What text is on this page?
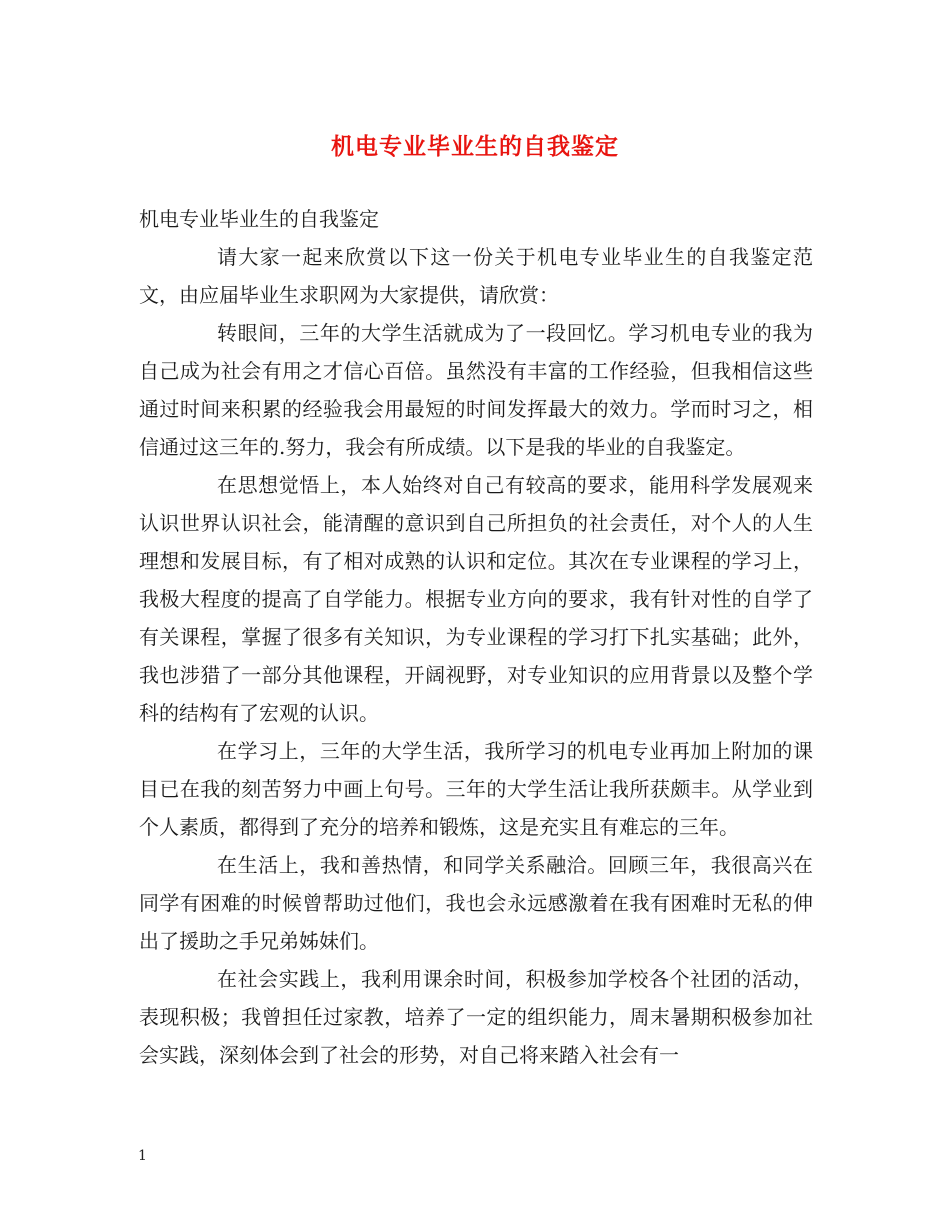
机电专业毕业生的自我鉴定

机电专业毕业生的自我鉴定

请大家一起来欣赏以下这一份关于机电专业毕业生的自我鉴定范文，由应届毕业生求职网为大家提供，请欣赏：

转眼间，三年的大学生活就成为了一段回忆。学习机电专业的我为自己成为社会有用之才信心百倍。虽然没有丰富的工作经验，但我相信这些通过时间来积累的经验我会用最短的时间发挥最大的效力。学而时习之，相信通过这三年的.努力，我会有所成绩。以下是我的毕业的自我鉴定。

在思想觉悟上，本人始终对自己有较高的要求，能用科学发展观来认识世界认识社会，能清醒的意识到自己所担负的社会责任，对个人的人生理想和发展目标，有了相对成熟的认识和定位。其次在专业课程的学习上，我极大程度的提高了自学能力。根据专业方向的要求，我有针对性的自学了有关课程，掌握了很多有关知识，为专业课程的学习打下扎实基础；此外，我也涉猎了一部分其他课程，开阔视野，对专业知识的应用背景以及整个学科的结构有了宏观的认识。

在学习上，三年的大学生活，我所学习的机电专业再加上附加的课目已在我的刻苦努力中画上句号。三年的大学生活让我所获颇丰。从学业到个人素质，都得到了充分的培养和锻炼，这是充实且有难忘的三年。

在生活上，我和善热情，和同学关系融洽。回顾三年，我很高兴在同学有困难的时候曾帮助过他们，我也会永远感激着在我有困难时无私的伸出了援助之手兄弟姊妹们。

在社会实践上，我利用课余时间，积极参加学校各个社团的活动，表现积极；我曾担任过家教，培养了一定的组织能力，周末暑期积极参加社会实践，深刻体会到了社会的形势，对自己将来踏入社会有一

1
